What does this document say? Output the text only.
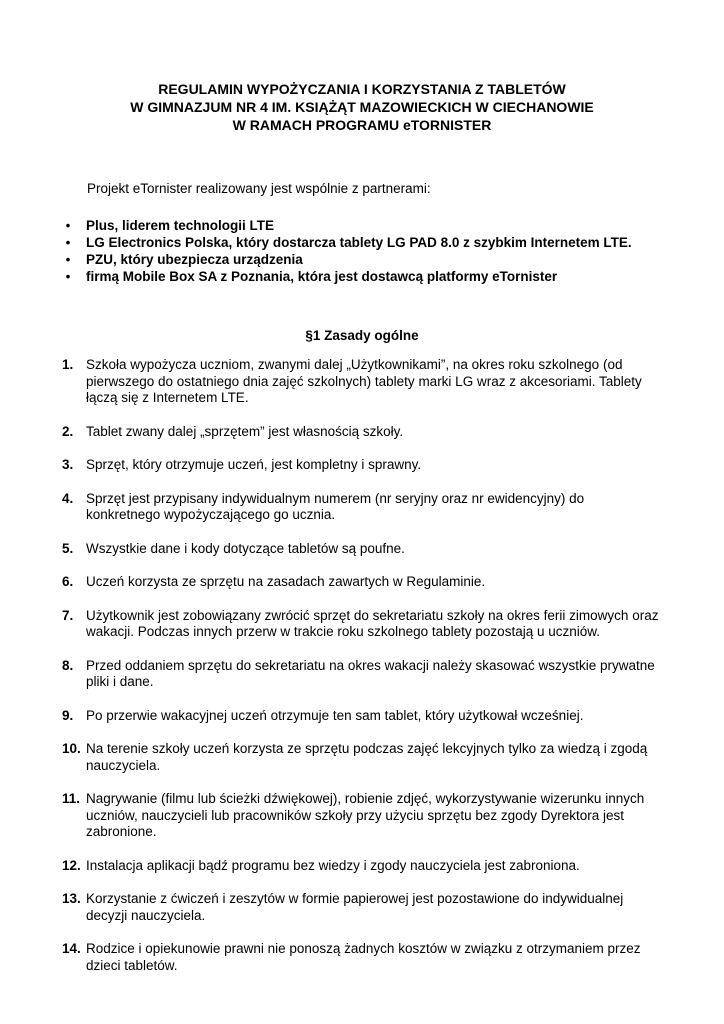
REGULAMIN WYPOŻYCZANIA I KORZYSTANIA Z TABLETÓW
W GIMNAZJUM NR 4 IM. KSIĄŻĄT MAZOWIECKICH W CIECHANOWIE
W RAMACH PROGRAMU eTORNISTER
Projekt eTornister realizowany jest wspólnie z partnerami:
• Plus, liderem technologii LTE
• LG Electronics Polska, który dostarcza tablety LG PAD 8.0 z szybkim Internetem LTE.
• PZU, który ubezpiecza urządzenia
• firmą Mobile Box SA z Poznania, która jest dostawcą platformy eTornister
§1 Zasady ogólne
1. Szkoła wypożycza uczniom, zwanymi dalej „Użytkownikami”, na okres roku szkolnego (od pierwszego do ostatniego dnia zajęć szkolnych) tablety marki LG wraz z akcesoriami. Tablety łączą się z Internetem LTE.
2. Tablet zwany dalej „sprzętem” jest własnością szkoły.
3. Sprzęt, który otrzymuje uczeń, jest kompletny i sprawny.
4. Sprzęt jest przypisany indywidualnym numerem (nr seryjny oraz nr ewidencyjny) do konkretnego wypożyczającego go ucznia.
5. Wszystkie dane i kody dotyczące tabletów są poufne.
6. Uczeń korzysta ze sprzętu na zasadach zawartych w Regulaminie.
7. Użytkownik jest zobowiązany zwrócić sprzęt do sekretariatu szkoły na okres ferii zimowych oraz wakacji. Podczas innych przerw w trakcie roku szkolnego tablety pozostają u uczniów.
8. Przed oddaniem sprzętu do sekretariatu na okres wakacji należy skasować wszystkie prywatne pliki i dane.
9. Po przerwie wakacyjnej uczeń otrzymuje ten sam tablet, który użytkował wcześniej.
10. Na terenie szkoły uczeń korzysta ze sprzętu podczas zajęć lekcyjnych tylko za wiedzą i zgodą nauczyciela.
11. Nagrywanie (filmu lub ścieżki dźwiękowej), robienie zdjęć, wykorzystywanie wizerunku innych uczniów, nauczycieli lub pracowników szkoły przy użyciu sprzętu bez zgody Dyrektora jest zabronione.
12. Instalacja aplikacji bądź programu bez wiedzy i zgody nauczyciela jest zabroniona.
13. Korzystanie z ćwiczeń i zeszytów w formie papierowej jest pozostawione do indywidualnej decyzji nauczyciela.
14. Rodzice i opiekunowie prawni nie ponoszą żadnych kosztów w związku z otrzymaniem przez dzieci tabletów.
